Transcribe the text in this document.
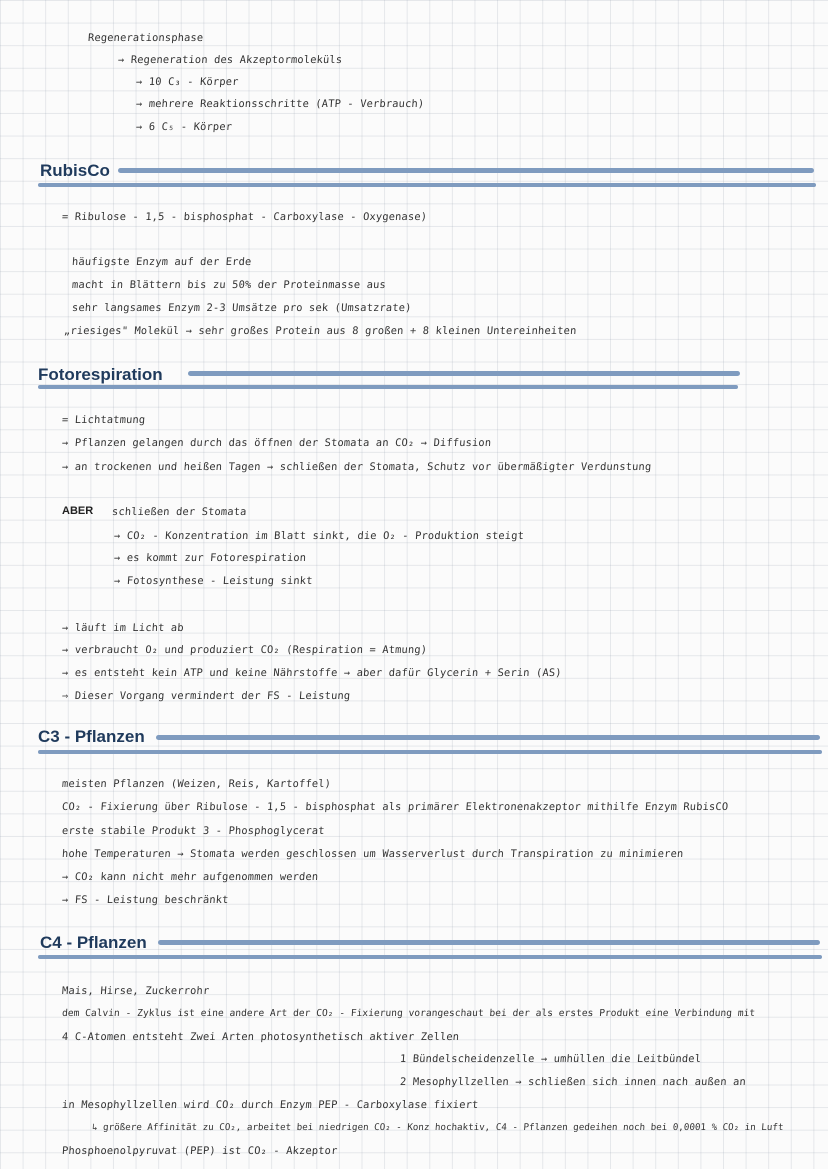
Regenerationsphase
→ Regeneration des Akzeptormoleküls
→ 10 C₃ - Körper
→ mehrere Reaktionsschritte (ATP - Verbrauch)
→ 6 C₅ - Körper
RubisCo
= Ribulose - 1,5 - bisphosphat - Carboxylase - Oxygenase)
häufigste Enzym auf der Erde
macht in Blättern bis zu 50% der Proteinmasse aus
sehr langsames Enzym 2-3 Umsätze pro sek (Umsatzrate)
„riesiges" Molekül → sehr großes Protein aus 8 großen + 8 kleinen Untereinheiten
Fotorespiration
= Lichtatmung
→ Pflanzen gelangen durch das öffnen der Stomata an CO₂ → Diffusion
→ an trockenen und heißen Tagen → schließen der Stomata, Schutz vor übermäßigter Verdunstung
ABER schließen der Stomata
→ CO₂ - Konzentration im Blatt sinkt, die O₂ - Produktion steigt
→ es kommt zur Fotorespiration
→ Fotosynthese - Leistung sinkt
→ läuft im Licht ab
→ verbraucht O₂ und produziert CO₂ (Respiration = Atmung)
→ es entsteht kein ATP und keine Nährstoffe → aber dafür Glycerin + Serin (AS)
⇒ Dieser Vorgang vermindert der FS - Leistung
C3 - Pflanzen
meisten Pflanzen (Weizen, Reis, Kartoffel)
CO₂ - Fixierung über Ribulose - 1,5 - bisphosphat als primärer Elektronenakzeptor mithilfe Enzym RubisCO
erste stabile Produkt 3 - Phosphoglycerat
hohe Temperaturen → Stomata werden geschlossen um Wasserverlust durch Transpiration zu minimieren
→ CO₂ kann nicht mehr aufgenommen werden
→ FS - Leistung beschränkt
C4 - Pflanzen
Mais, Hirse, Zuckerrohr
dem Calvin - Zyklus ist eine andere Art der CO₂ - Fixierung vorangeschaut bei der als erstes Produkt eine Verbindung mit
4 C-Atomen entsteht Zwei Arten photosynthetisch aktiver Zellen
1 Bündelscheidenzelle → umhüllen die Leitbündel
2 Mesophyllzellen → schließen sich innen nach außen an
in Mesophyllzellen wird CO₂ durch Enzym PEP - Carboxylase fixiert
↳ größere Affinität zu CO₂, arbeitet bei niedrigen CO₂ - Konz hochaktiv, C4 - Pflanzen gedeihen noch bei 0,0001 % CO₂ in Luft
Phosphoenolpyruvat (PEP) ist CO₂ - Akzeptor
